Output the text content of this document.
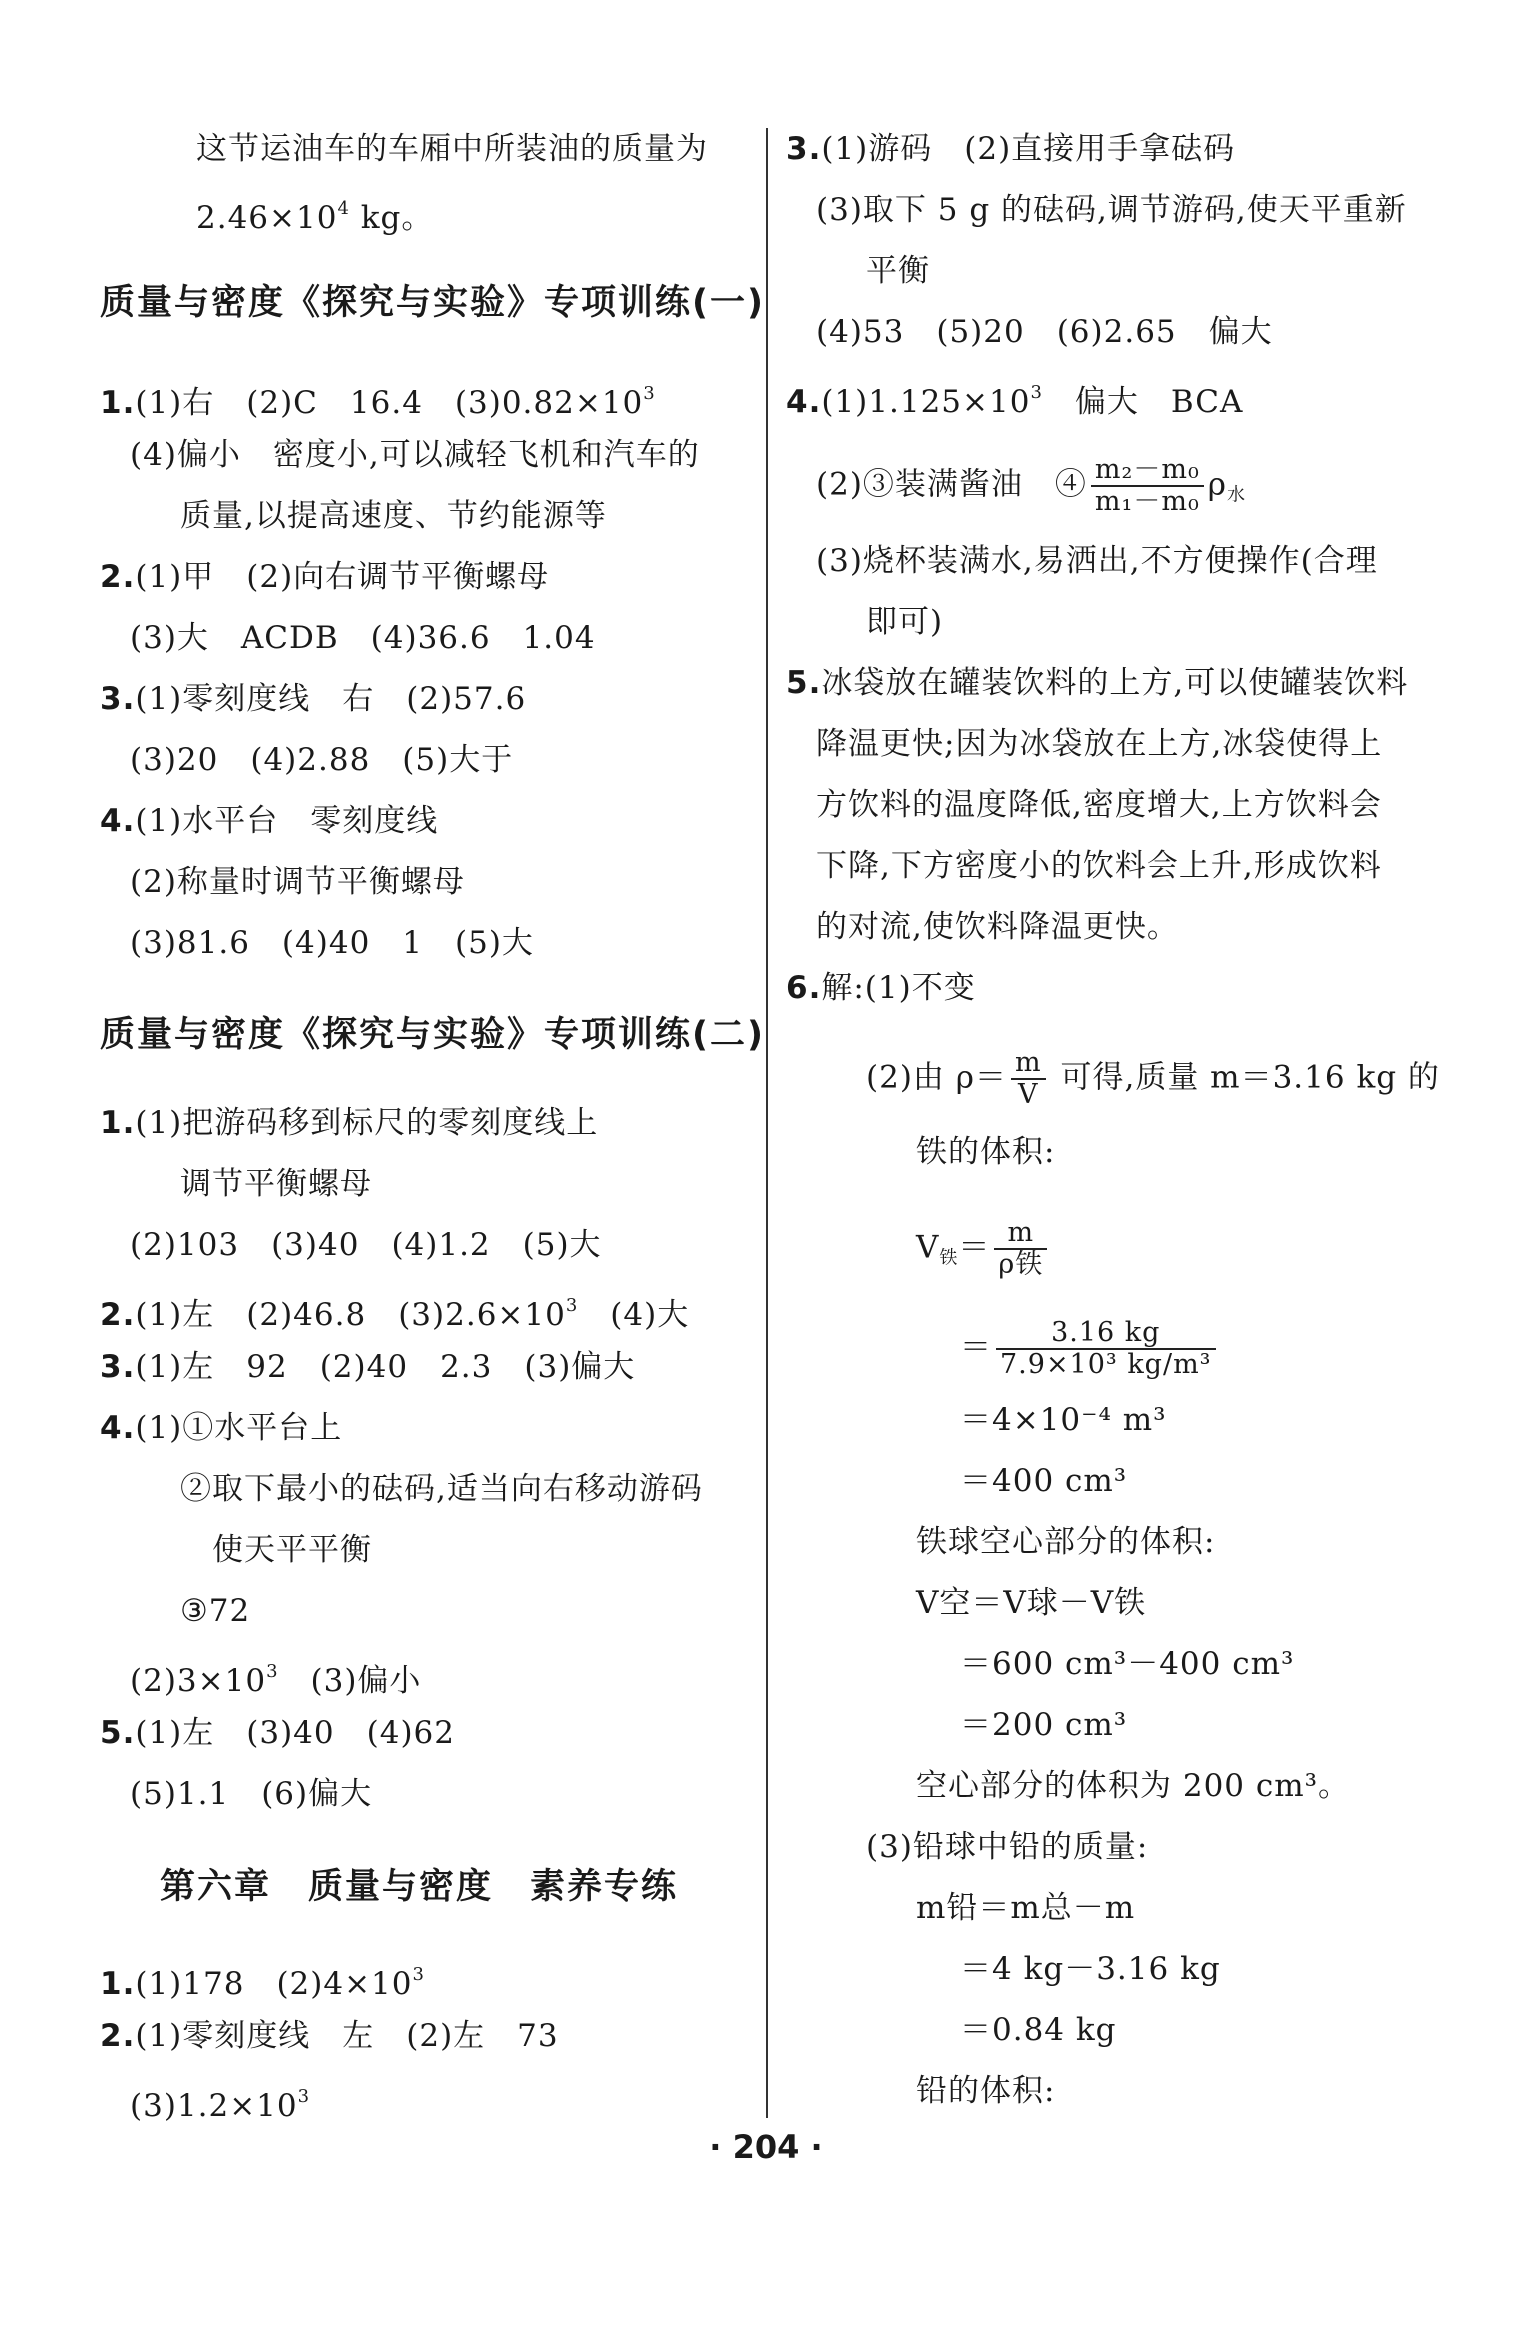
这节运油车的车厢中所装油的质量为
$2.46\times 10^4$ kg。
质量与密度《探究与实验》专项训练(一)
1.(1)右　(2)C　16.4　$(3)0.82\times 10^3$
(4)偏小　密度小,可以减轻飞机和汽车的
质量,以提高速度、节约能源等
2.(1)甲　(2)向右调节平衡螺母
(3)大　ACDB　(4)36.6　1.04
3.(1)零刻度线　右　(2)57.6
(3)20　(4)2.88　(5)大于
4.(1)水平台　零刻度线
(2)称量时调节平衡螺母
(3)81.6　(4)40　1　(5)大
质量与密度《探究与实验》专项训练(二)
1.(1)把游码移到标尺的零刻度线上
调节平衡螺母
(2)103　(3)40　(4)1.2　(5)大
2.(1)左　(2)46.8　$(3)2.6\times 10^3$　(4)大
3.(1)左　92　(2)40　2.3　(3)偏大
4.(1)①水平台上
②取下最小的砝码,适当向右移动游码
使天平平衡
③72
$(2)3\times 10^3$　(3)偏小
5.(1)左　(3)40　(4)62
(5)1.1　(6)偏大
第六章　质量与密度　素养专练
1.(1)178　$(2)4\times 10^3$
2.(1)零刻度线　左　(2)左　73
$(3)1.2\times 10^3$
3.(1)游码　(2)直接用手拿砝码
(3)取下 5 g 的砝码,调节游码,使天平重新
平衡
(4)53　(5)20　(6)2.65　偏大
$4.(1)1.125\times 10^3$　偏大　BCA
(2)③装满酱油　④ $\frac{\text{m₂－m₀}}{\text{m₁－m₀}} \rho_水$
(3)烧杯装满水,易洒出,不方便操作(合理
即可)
5.冰袋放在罐装饮料的上方,可以使罐装饮料
降温更快;因为冰袋放在上方,冰袋使得上
方饮料的温度降低,密度增大,上方饮料会
下降,下方密度小的饮料会上升,形成饮料
的对流,使饮料降温更快。
6.解:(1)不变
(2)由 $\rho= \frac{m}{V}$ 可得,质量 m＝3.16 kg 的
铁的体积:
$V_铁= \frac{m}{\text{ρ铁}}$
＝ $\frac{3.16 kg}{\text{7.9×10³ kg/m³}}$
＝4×10⁻⁴ m³
＝400 cm³
铁球空心部分的体积:
V空＝V球－V铁
＝600 cm³－400 cm³
＝200 cm³
空心部分的体积为 200 cm³。
(3)铅球中铅的质量:
m铅＝m总－m
＝4 kg－3.16 kg
＝0.84 kg
铅的体积:
· 204 ·
